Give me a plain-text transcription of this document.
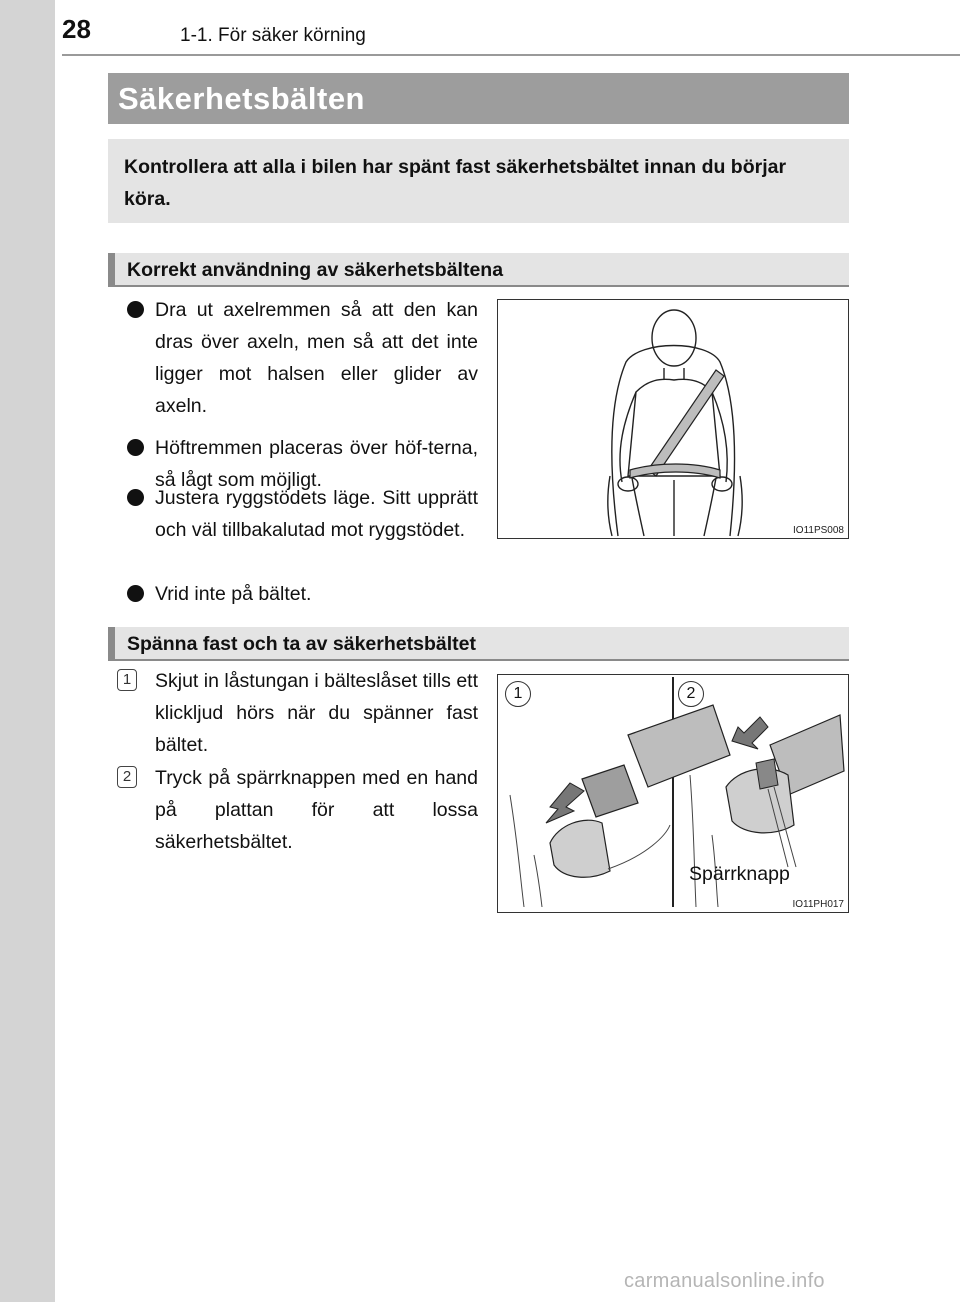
28	1-1. För säker körning
Säkerhetsbälten
Kontrollera att alla i bilen har spänt fast säkerhetsbältet innan du börjar köra.
Korrekt användning av säkerhetsbältena
Dra ut axelremmen så att den kan dras över axeln, men så att det inte ligger mot halsen eller glider av axeln.
Höftremmen placeras över höf-terna, så lågt som möjligt.
Justera ryggstödets läge. Sitt upprätt och väl tillbakalutad mot ryggstödet.
Vrid inte på bältet.
IO11PS008
Spänna fast och ta av säkerhetsbältet
1 Skjut in låstungan i bälteslåset tills ett klickljud hörs när du spänner fast bältet.
2 Tryck på spärrknappen med en hand på plattan för att lossa säkerhetsbältet.
1	2
Spärrknapp
IO11PH017
carmanualsonline.info
